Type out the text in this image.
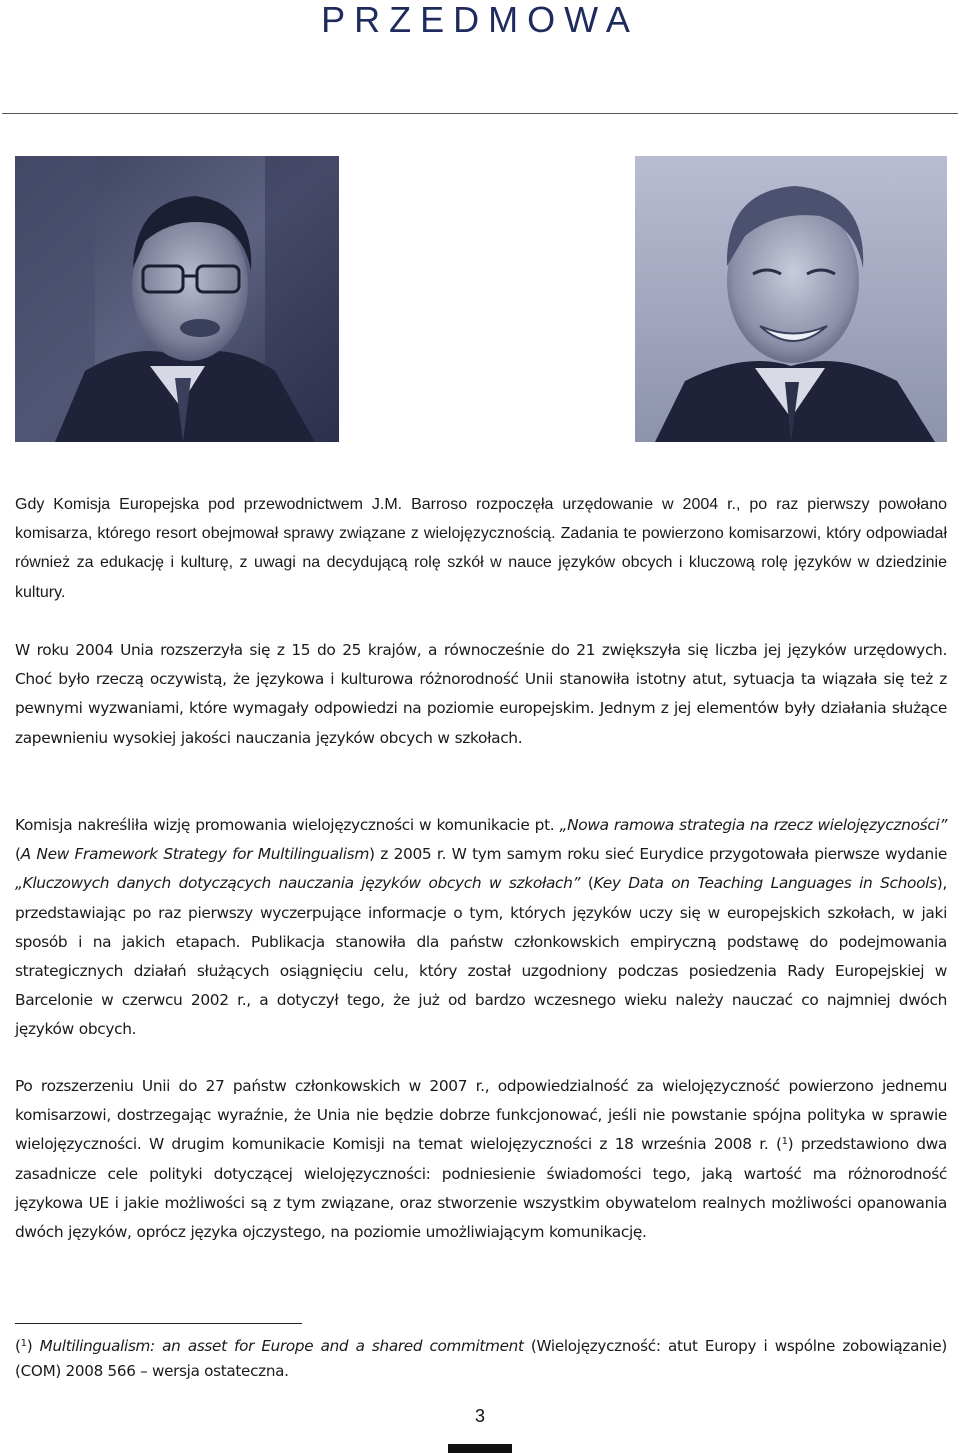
PRZEDMOWA

Gdy Komisja Europejska pod przewodnictwem J.M. Barroso rozpoczęła urzędowanie w 2004 r., po raz pierwszy powołano komisarza, którego resort obejmował sprawy związane z wielojęzycznością. Zadania te powierzono komisarzowi, który odpowiadał również za edukację i kulturę, z uwagi na decydującą rolę szkół w nauce języków obcych i kluczową rolę języków w dziedzinie kultury.

W roku 2004 Unia rozszerzyła się z 15 do 25 krajów, a równocześnie do 21 zwiększyła się liczba jej języków urzędowych. Choć było rzeczą oczywistą, że językowa i kulturowa różnorodność Unii stanowiła istotny atut, sytuacja ta wiązała się też z pewnymi wyzwaniami, które wymagały odpowiedzi na poziomie europejskim. Jednym z jej elementów były działania służące zapewnieniu wysokiej jakości nauczania języków obcych w szkołach.

Komisja nakreśliła wizję promowania wielojęzyczności w komunikacie pt. „Nowa ramowa strategia na rzecz wielojęzyczności” (A New Framework Strategy for Multilingualism) z 2005 r. W tym samym roku sieć Eurydice przygotowała pierwsze wydanie „Kluczowych danych dotyczących nauczania języków obcych w szkołach” (Key Data on Teaching Languages in Schools), przedstawiając po raz pierwszy wyczerpujące informacje o tym, których języków uczy się w europejskich szkołach, w jaki sposób i na jakich etapach. Publikacja stanowiła dla państw członkowskich empiryczną podstawę do podejmowania strategicznych działań służących osiągnięciu celu, który został uzgodniony podczas posiedzenia Rady Europejskiej w Barcelonie w czerwcu 2002 r., a dotyczył tego, że już od bardzo wczesnego wieku należy nauczać co najmniej dwóch języków obcych.

Po rozszerzeniu Unii do 27 państw członkowskich w 2007 r., odpowiedzialność za wielojęzyczność powierzono jednemu komisarzowi, dostrzegając wyraźnie, że Unia nie będzie dobrze funkcjonować, jeśli nie powstanie spójna polityka w sprawie wielojęzyczności. W drugim komunikacie Komisji na temat wielojęzyczności z 18 września 2008 r. ($^1$) przedstawiono dwa zasadnicze cele polityki dotyczącej wielojęzyczności: podniesienie świadomości tego, jaką wartość ma różnorodność językowa UE i jakie możliwości są z tym związane, oraz stworzenie wszystkim obywatelom realnych możliwości opanowania dwóch języków, oprócz języka ojczystego, na poziomie umożliwiającym komunikację.

($^1$) Multilingualism: an asset for Europe and a shared commitment (Wielojęzyczność: atut Europy i wspólne zobowiązanie) (COM) 2008 566 – wersja ostateczna.

3
